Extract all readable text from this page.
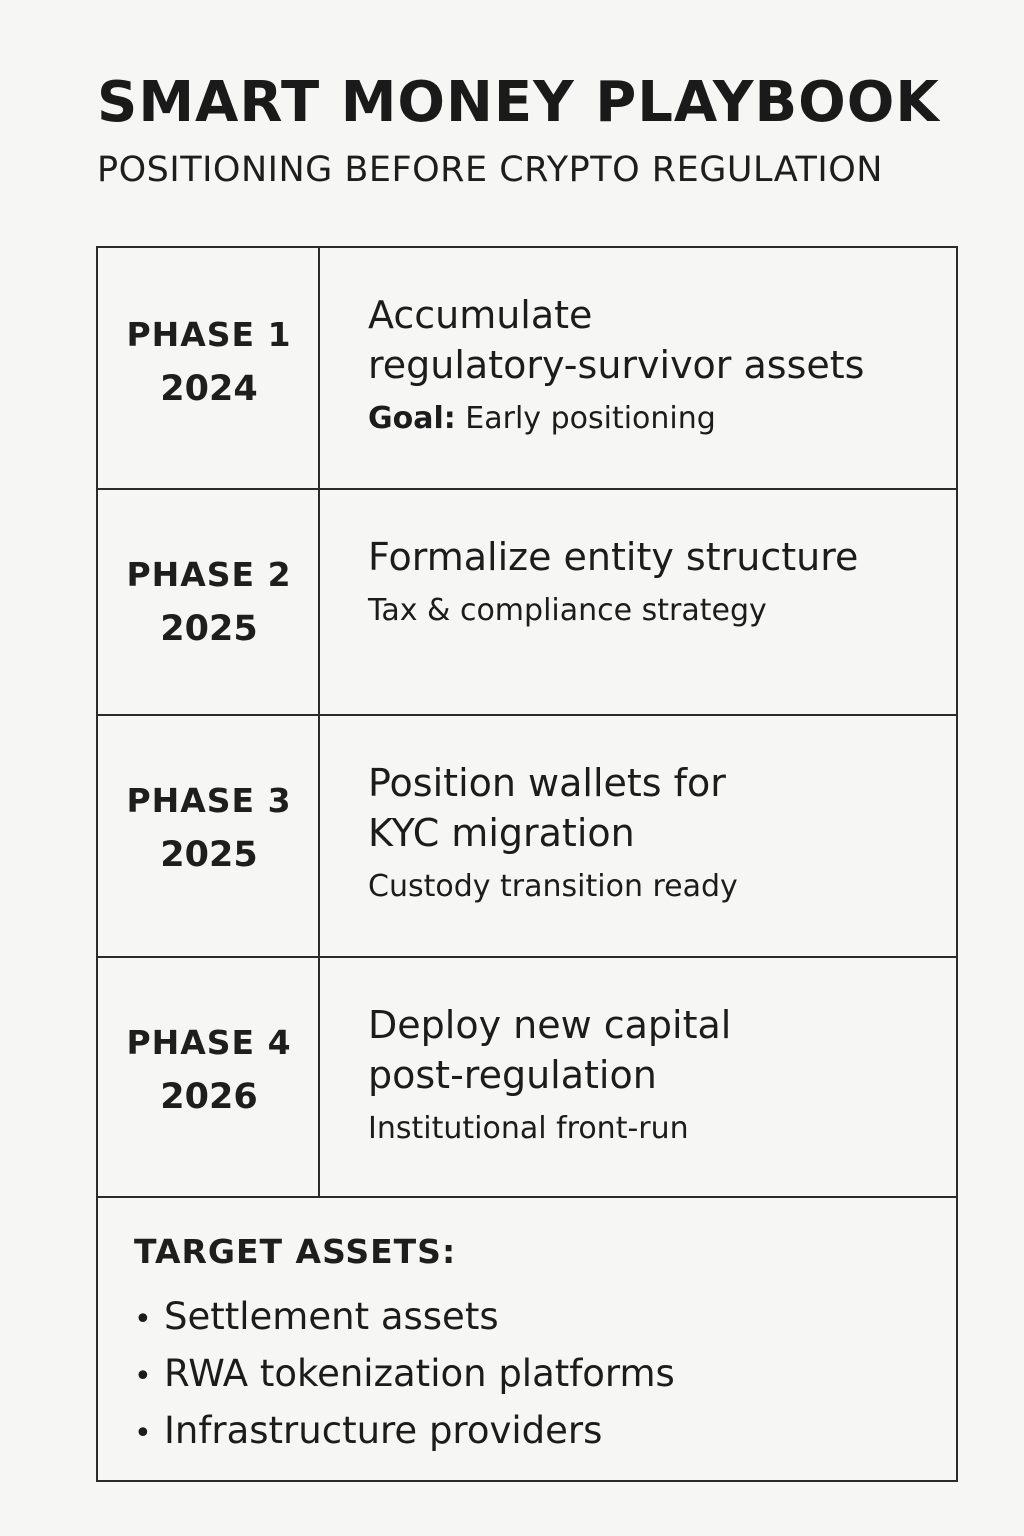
SMART MONEY PLAYBOOK
POSITIONING BEFORE CRYPTO REGULATION
PHASE 1
2024
Accumulate
regulatory-survivor assets
Goal: Early positioning
PHASE 2
2025
Formalize entity structure
Tax & compliance strategy
PHASE 3
2025
Position wallets for
KYC migration
Custody transition ready
PHASE 4
2026
Deploy new capital
post-regulation
Institutional front-run
TARGET ASSETS:
• Settlement assets
• RWA tokenization platforms
• Infrastructure providers
